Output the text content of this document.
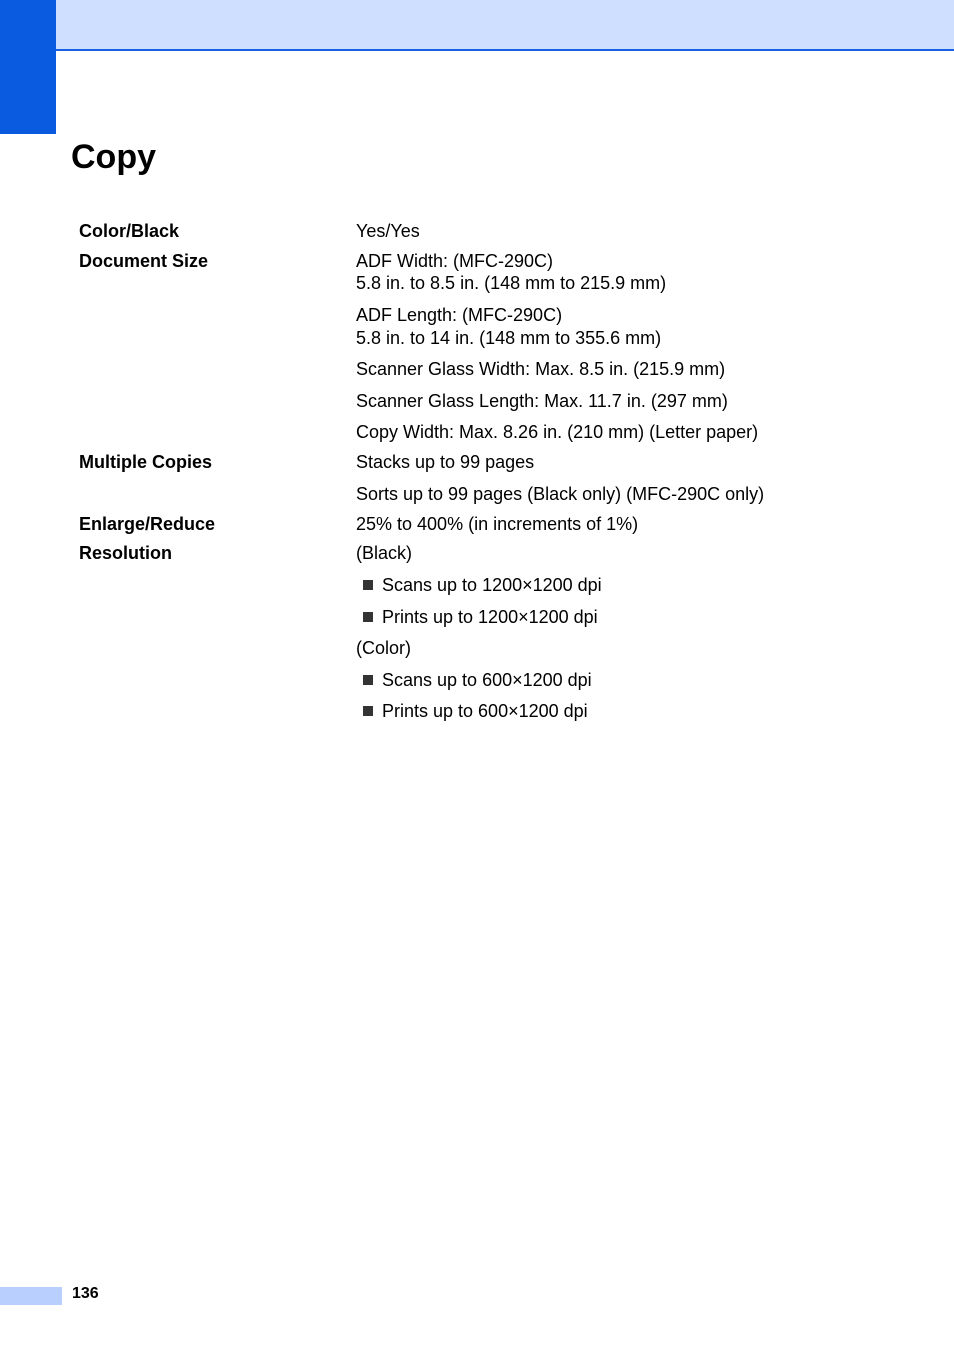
Copy
Color/Black
Document Size
Multiple Copies
Enlarge/Reduce
Resolution
Yes/Yes
ADF Width: (MFC-290C)
5.8 in. to 8.5 in. (148 mm to 215.9 mm)
ADF Length: (MFC-290C)
5.8 in. to 14 in. (148 mm to 355.6 mm)
Scanner Glass Width: Max. 8.5 in. (215.9 mm)
Scanner Glass Length: Max. 11.7 in. (297 mm)
Copy Width: Max. 8.26 in. (210 mm) (Letter paper)
Stacks up to 99 pages
Sorts up to 99 pages (Black only) (MFC-290C only)
25% to 400% (in increments of 1%)
(Black)
Scans up to 1200×1200 dpi
Prints up to 1200×1200 dpi
(Color)
Scans up to 600×1200 dpi
Prints up to 600×1200 dpi
136
